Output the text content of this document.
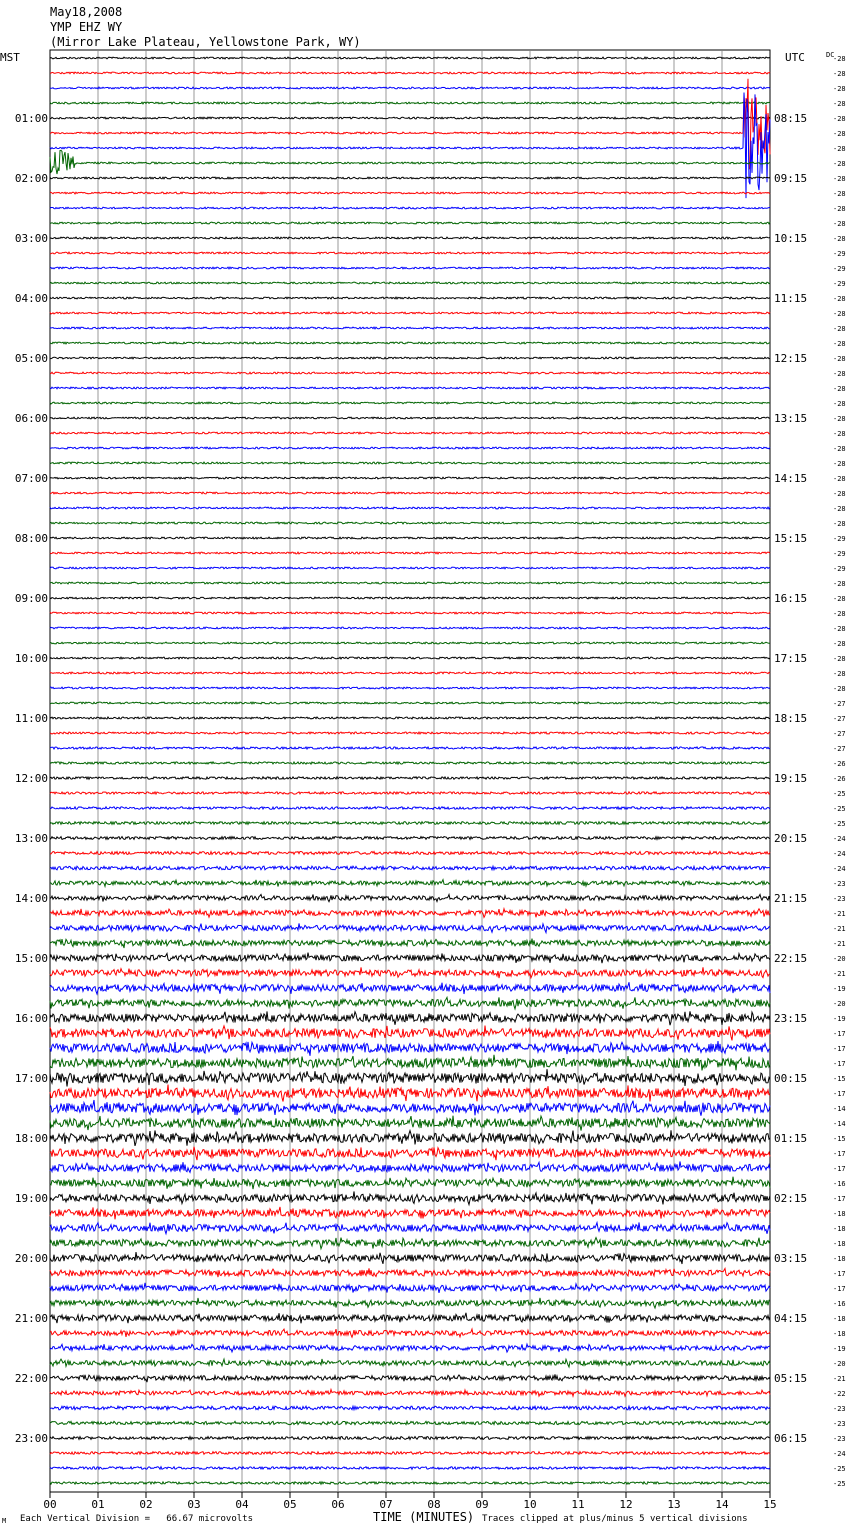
May18,2008
YMP EHZ WY
(Mirror Lake Plateau, Yellowstone Park, WY)
MST	UTC	DC
00	01	02	03	04	05	06	07	08	09	10	11	12	13	14	15
-28
-28
-28
-28
-28
-28
-28
-28
-28
-28
-28
-28
-28
-29
-29
-29
-28
-28
-28
-28
-28
-28
-28
-28
-28
-28
-28
-28
-28
-28
-28
-28
-29
-29
-29
-28
-28
-28
-28
-28
-28
-28
-28
-27
-27
-27
-27
-26
-26
-25
-25
-25
-24
-24
-24
-23
-23
-21
-21
-21
-20
-21
-19
-20
-19
-17
-17
-17
-15
-17
-14
-14
-15
-17
-17
-16
-17
-18
-18
-18
-18
-17
-17
-16
-18
-18
-19
-20
-21
-22
-23
-23
-23
-24
-25
-25
01:00
02:00
03:00
04:00
05:00
06:00
07:00
08:00
09:00
10:00
11:00
12:00
13:00
14:00
15:00
16:00
17:00
18:00
19:00
20:00
21:00
22:00
23:00
08:15
09:15
10:15
11:15
12:15
13:15
14:15
15:15
16:15
17:15
18:15
19:15
20:15
21:15
22:15
23:15
00:15
01:15
02:15
03:15
04:15
05:15
06:15
Each Vertical Division =   66.67 microvolts
M	TIME (MINUTES) Traces clipped at plus/minus 5 vertical divisions
